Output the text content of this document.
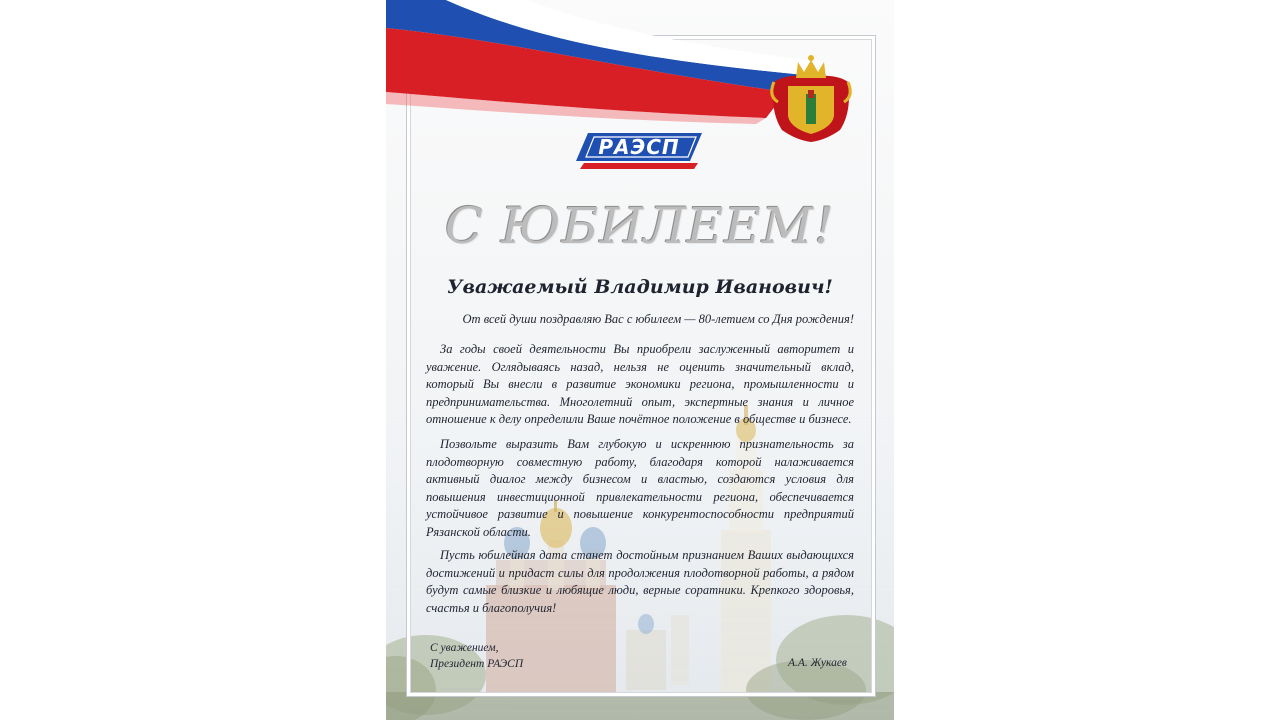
РАЭСП
С ЮБИЛЕЕМ!
Уважаемый Владимир Иванович!
От всей души поздравляю Вас с юбилеем — 80-летием со Дня рождения!

За годы своей деятельности Вы приобрели заслуженный авторитет и уважение. Оглядываясь назад, нельзя не оценить значительный вклад, который Вы внесли в развитие экономики региона, промышленности и предпринимательства. Многолетний опыт, экспертные знания и личное отношение к делу определили Ваше почётное положение в обществе и бизнесе.

Позвольте выразить Вам глубокую и искреннюю признательность за плодотворную совместную работу, благодаря которой налаживается активный диалог между бизнесом и властью, создаются условия для повышения инвестиционной привлекательности региона, обеспечивается устойчивое развитие и повышение конкурентоспособности предприятий Рязанской области.

Пусть юбилейная дата станет достойным признанием Ваших выдающихся достижений и придаст силы для продолжения плодотворной работы, а рядом будут самые близкие и любящие люди, верные соратники. Крепкого здоровья, счастья и благополучия!

С уважением,
Президент РАЭСП	А.А. Жукаев
